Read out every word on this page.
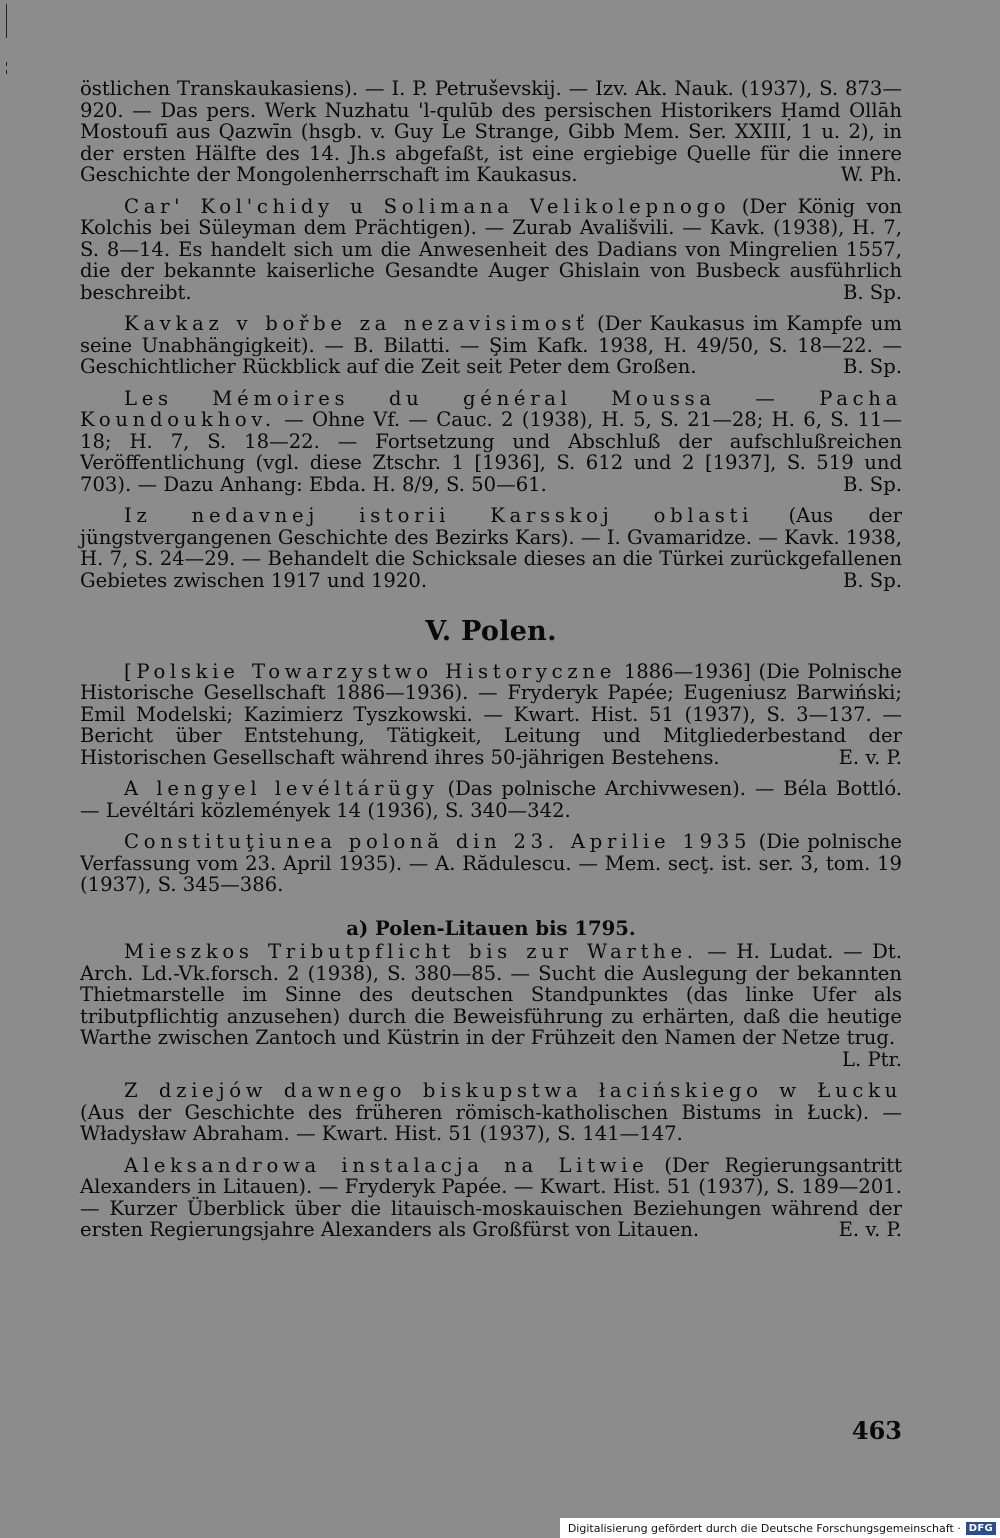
östlichen Transkaukasiens). — I. P. Petruševskij. — Izv. Ak. Nauk. (1937), S. 873—920. — Das pers. Werk Nuzhatu 'l-qulūb des persischen Historikers Ḥamd Ollāh Mostoufī aus Qazwīn (hsgb. v. Guy Le Strange, Gibb Mem. Ser. XXIII, 1 u. 2), in der ersten Hälfte des 14. Jh.s abgefaßt, ist eine ergiebige Quelle für die innere Geschichte der Mongolenherrschaft im Kaukasus.	W. Ph.
Car' Kol'chidy u Solimana Velikolepnogo (Der König von Kolchis bei Süleyman dem Prächtigen). — Zurab Avališvili. — Kavk. (1938), H. 7, S. 8—14. Es handelt sich um die Anwesenheit des Dadians von Mingrelien 1557, die der bekannte kaiserliche Gesandte Auger Ghislain von Busbeck ausführlich beschreibt.	B. Sp.
Kavkaz v bořbe za nezavisimosť (Der Kaukasus im Kampfe um seine Unabhängigkeit). — B. Bilatti. — Şim Kafk. 1938, H. 49/50, S. 18—22. — Geschichtlicher Rückblick auf die Zeit seit Peter dem Großen.	B. Sp.
Les Mémoires du général Moussa — Pacha Koundoukhov. — Ohne Vf. — Cauc. 2 (1938), H. 5, S. 21—28; H. 6, S. 11—18; H. 7, S. 18—22. — Fortsetzung und Abschluß der aufschlußreichen Veröffentlichung (vgl. diese Ztschr. 1 [1936], S. 612 und 2 [1937], S. 519 und 703). — Dazu Anhang: Ebda. H. 8/9, S. 50—61.	B. Sp.
Iz nedavnej istorii Karsskoj oblasti (Aus der jüngstvergangenen Geschichte des Bezirks Kars). — I. Gvamaridze. — Kavk. 1938, H. 7, S. 24—29. — Behandelt die Schicksale dieses an die Türkei zurückgefallenen Gebietes zwischen 1917 und 1920.	B. Sp.
V. Polen.
[Polskie Towarzystwo Historyczne 1886—1936] (Die Polnische Historische Gesellschaft 1886—1936). — Fryderyk Papée; Eugeniusz Barwiński; Emil Modelski; Kazimierz Tyszkowski. — Kwart. Hist. 51 (1937), S. 3—137. — Bericht über Entstehung, Tätigkeit, Leitung und Mitgliederbestand der Historischen Gesellschaft während ihres 50-jährigen Bestehens.	E. v. P.
A lengyel levéltárügy (Das polnische Archivwesen). — Béla Bottló. — Levéltári közlemények 14 (1936), S. 340—342.
Constituţiunea polonă din 23. Aprilie 1935 (Die polnische Verfassung vom 23. April 1935). — A. Rădulescu. — Mem. secţ. ist. ser. 3, tom. 19 (1937), S. 345—386.
a) Polen-Litauen bis 1795.
Mieszkos Tributpflicht bis zur Warthe. — H. Ludat. — Dt. Arch. Ld.-Vk.forsch. 2 (1938), S. 380—85. — Sucht die Auslegung der bekannten Thietmarstelle im Sinne des deutschen Standpunktes (das linke Ufer als tributpflichtig anzusehen) durch die Beweisführung zu erhärten, daß die heutige Warthe zwischen Zantoch und Küstrin in der Frühzeit den Namen der Netze trug.
L. Ptr.
Z dziejów dawnego biskupstwa łacińskiego w Łucku (Aus der Geschichte des früheren römisch-katholischen Bistums in Łuck). — Władysław Abraham. — Kwart. Hist. 51 (1937), S. 141—147.
Aleksandrowa instalacja na Litwie (Der Regierungsantritt Alexanders in Litauen). — Fryderyk Papée. — Kwart. Hist. 51 (1937), S. 189—201. — Kurzer Überblick über die litauisch-moskauischen Beziehungen während der ersten Regierungsjahre Alexanders als Großfürst von Litauen.	E. v. P.
463
Digitalisierung gefördert durch die Deutsche Forschungsgemeinschaft · DFG
